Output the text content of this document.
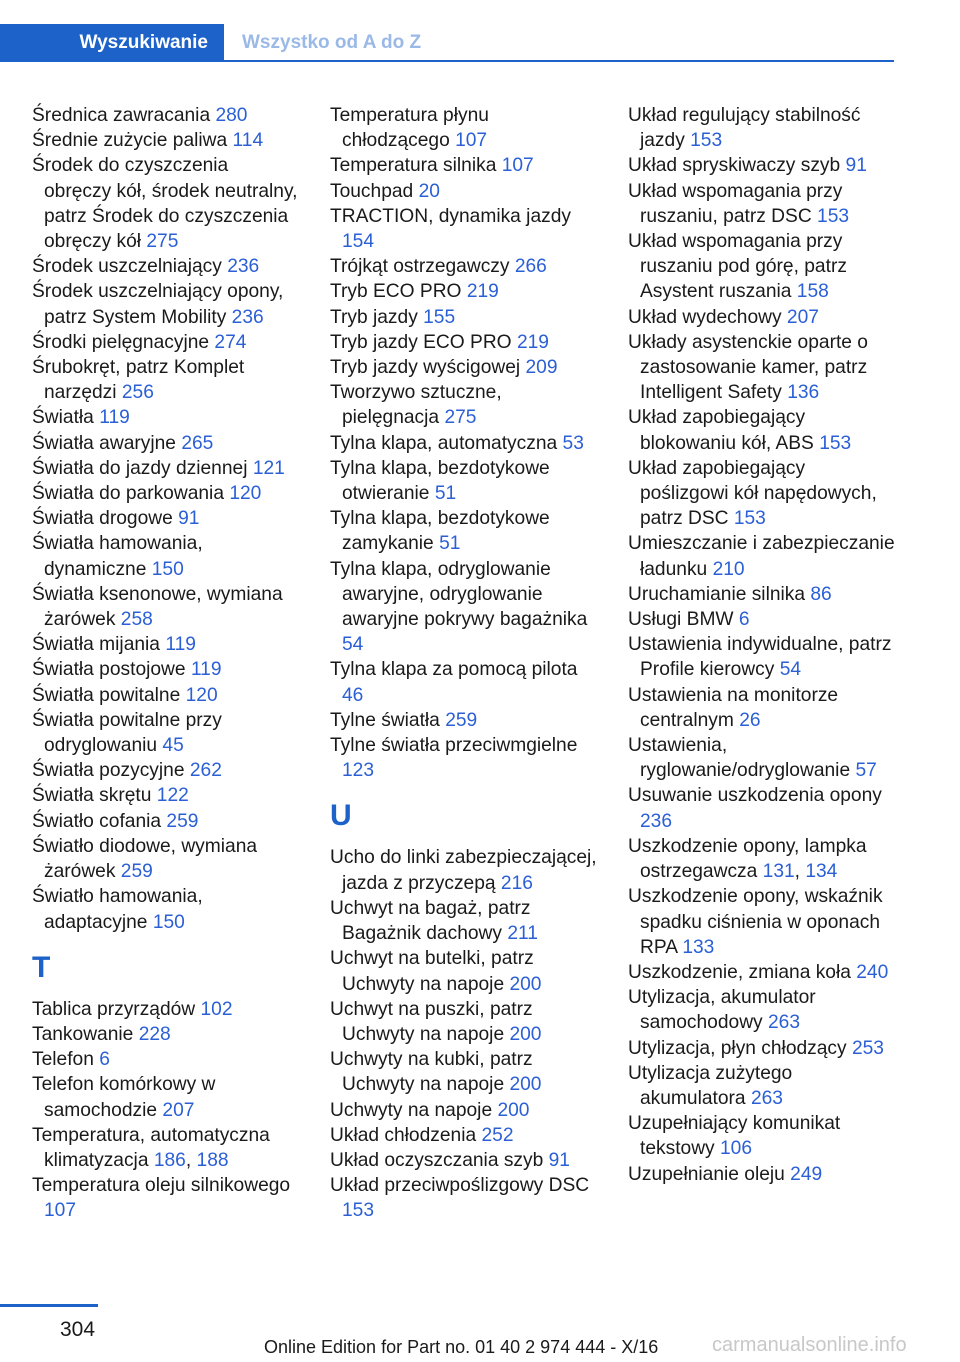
Wyszukiwanie Wszystko od A do Z
Średnica zawracania 280
Średnie zużycie paliwa 114
Środek do czyszczenia obręczy kół, środek neutralny, patrz Środek do czyszczenia obręczy kół 275
Środek uszczelniający 236
Środek uszczelniający opony, patrz System Mobility 236
Środki pielęgnacyjne 274
Śrubokręt, patrz Komplet narzędzi 256
Światła 119
Światła awaryjne 265
Światła do jazdy dziennej 121
Światła do parkowania 120
Światła drogowe 91
Światła hamowania, dynamiczne 150
Światła ksenonowe, wymiana żarówek 258
Światła mijania 119
Światła postojowe 119
Światła powitalne 120
Światła powitalne przy odryglowaniu 45
Światła pozycyjne 262
Światła skrętu 122
Światło cofania 259
Światło diodowe, wymiana żarówek 259
Światło hamowania, adaptacyjne 150
T
Tablica przyrządów 102
Tankowanie 228
Telefon 6
Telefon komórkowy w samochodzie 207
Temperatura, automatyczna klimatyzacja 186, 188
Temperatura oleju silnikowego 107
Temperatura płynu chłodzącego 107
Temperatura silnika 107
Touchpad 20
TRACTION, dynamika jazdy 154
Trójkąt ostrzegawczy 266
Tryb ECO PRO 219
Tryb jazdy 155
Tryb jazdy ECO PRO 219
Tryb jazdy wyścigowej 209
Tworzywo sztuczne, pielęgnacja 275
Tylna klapa, automatyczna 53
Tylna klapa, bezdotykowe otwieranie 51
Tylna klapa, bezdotykowe zamykanie 51
Tylna klapa, odryglowanie awaryjne, odryglowanie awaryjne pokrywy bagażnika 54
Tylna klapa za pomocą pilota 46
Tylne światła 259
Tylne światła przeciwmgielne 123
U
Ucho do linki zabezpieczającej, jazda z przyczepą 216
Uchwyt na bagaż, patrz Bagażnik dachowy 211
Uchwyt na butelki, patrz Uchwyty na napoje 200
Uchwyt na puszki, patrz Uchwyty na napoje 200
Uchwyty na kubki, patrz Uchwyty na napoje 200
Uchwyty na napoje 200
Układ chłodzenia 252
Układ oczyszczania szyb 91
Układ przeciwpoślizgowy DSC 153
Układ regulujący stabilność jazdy 153
Układ spryskiwaczy szyb 91
Układ wspomagania przy ruszaniu, patrz DSC 153
Układ wspomagania przy ruszaniu pod górę, patrz Asystent ruszania 158
Układ wydechowy 207
Układy asystenckie oparte o zastosowanie kamer, patrz Intelligent Safety 136
Układ zapobiegający blokowaniu kół, ABS 153
Układ zapobiegający poślizgowi kół napędowych, patrz DSC 153
Umieszczanie i zabezpieczanie ładunku 210
Uruchamianie silnika 86
Usługi BMW 6
Ustawienia indywidualne, patrz Profile kierowcy 54
Ustawienia na monitorze centralnym 26
Ustawienia, ryglowanie/odryglowanie 57
Usuwanie uszkodzenia opony 236
Uszkodzenie opony, lampka ostrzegawcza 131, 134
Uszkodzenie opony, wskaźnik spadku ciśnienia w oponach RPA 133
Uszkodzenie, zmiana koła 240
Utylizacja, akumulator samochodowy 263
Utylizacja, płyn chłodzący 253
Utylizacja zużytego akumulatora 263
Uzupełniający komunikat tekstowy 106
Uzupełnianie oleju 249
304
Online Edition for Part no. 01 40 2 974 444 - X/16	carmanualsonline.info
